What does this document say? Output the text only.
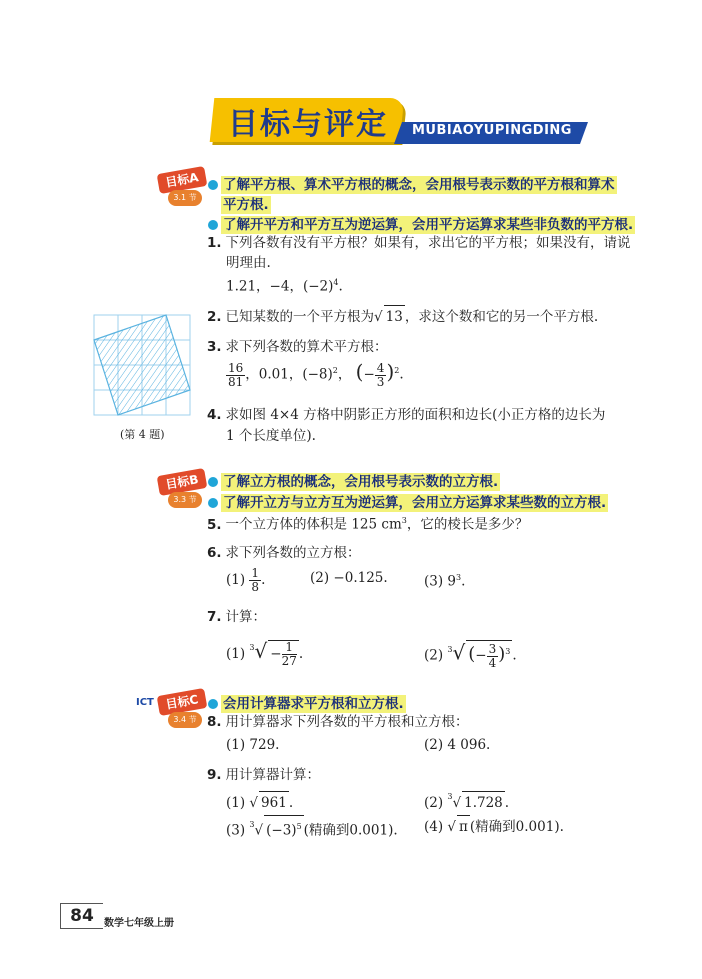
目标与评定 MUBIAOYUPINGDING
目标A
3.1 节
了解平方根、算术平方根的概念，会用根号表示数的平方根和算术
平方根.
了解开平方和平方互为逆运算，会用平方运算求某些非负数的平方根.
1. 下列各数有没有平方根？如果有，求出它的平方根；如果没有，请说
明理由.
1.21，−4，$(-2)^4$.
(第 4 题)
2. 已知某数的一个平方根为√ 13 ，求这个数和它的另一个平方根.
3. 求下列各数的算术平方根：
$\frac{16}{81}$ ，0.01，$(-8)^2$， (− $\frac{4}{3} )^2$.
4. 求如图 4×4 方格中阴影正方形的面积和边长(小正方格的边长为
1 个长度单位).
目标B
3.3 节
了解立方根的概念，会用根号表示数的立方根.
了解开立方与立方互为逆运算，会用立方运算求某些数的立方根.
5. 一个立方体的体积是 125 $cm^3$，它的棱长是多少？
6. 求下列各数的立方根：
$(1) \frac{1}{8}$ .	(2) −0.125.	(3) $9^3$.
7. 计算：
(1) $^3√ - \frac{1}{27}$ .	(2) $^3$√ (− $\frac{3}{4} )^3$ .
ICT 目标C
3.4 节
会用计算器求平方根和立方根.
8. 用计算器求下列各数的平方根和立方根：
(1) 729.	(2) 4 096.
9. 用计算器计算：
(1) √ 961 .	(2) $^3$√ 1.728 .
(3) $^3$√ $(-3)^5$ (精确到0.001). (4) √ π (精确到0.001).
84	数学七年级上册
